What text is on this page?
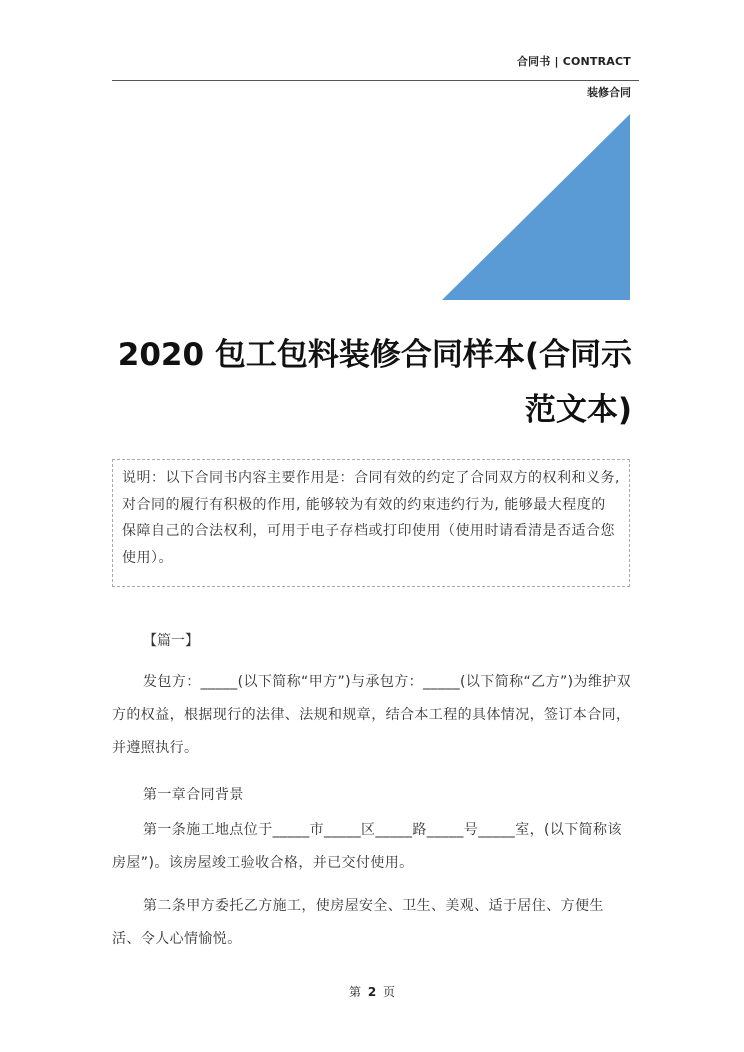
合同书 | CONTRACT
装修合同
2020 包工包料装修合同样本(合同示
范文本)
说明：以下合同书内容主要作用是：合同有效的约定了合同双方的权利和义务, 对合同的履行有积极的作用, 能够较为有效的约束违约行为, 能够最大程度的保障自己的合法权利，可用于电子存档或打印使用（使用时请看清是否适合您使用）。
【篇一】

发包方：_____(以下简称“甲方”)与承包方：_____(以下简称“乙方”)为维护双方的权益，根据现行的法律、法规和规章，结合本工程的具体情况，签订本合同，并遵照执行。

第一章合同背景

第一条施工地点位于_____市_____区_____路_____号_____室，(以下简称该房屋”)。该房屋竣工验收合格，并已交付使用。

第二条甲方委托乙方施工，使房屋安全、卫生、美观、适于居住、方便生活、令人心情愉悦。

第 2 页
